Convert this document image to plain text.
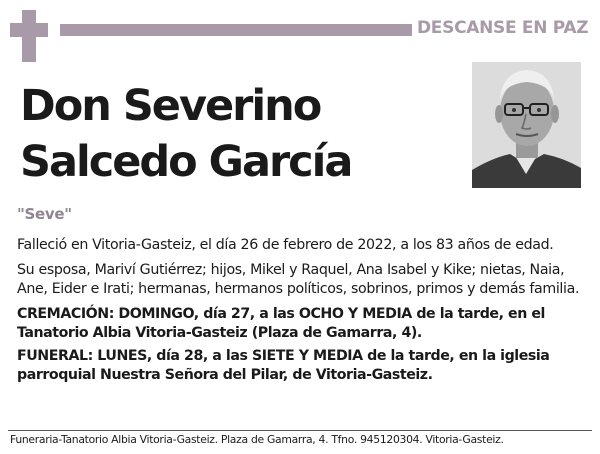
DESCANSE EN PAZ
Don Severino
Salcedo García
"Seve"

Falleció en Vitoria-Gasteiz, el día 26 de febrero de 2022, a los 83 años de edad.

Su esposa, Mariví Gutiérrez; hijos, Mikel y Raquel, Ana Isabel y Kike; nietas, Naia, Ane, Eider e Irati; hermanas, hermanos políticos, sobrinos, primos y demás familia.

CREMACIÓN: DOMINGO, día 27, a las OCHO Y MEDIA de la tarde, en el Tanatorio Albia Vitoria-Gasteiz (Plaza de Gamarra, 4).

FUNERAL: LUNES, día 28, a las SIETE Y MEDIA de la tarde, en la iglesia parroquial Nuestra Señora del Pilar, de Vitoria-Gasteiz.

Funeraria-Tanatorio Albia Vitoria-Gasteiz. Plaza de Gamarra, 4. Tfno. 945120304. Vitoria-Gasteiz.
